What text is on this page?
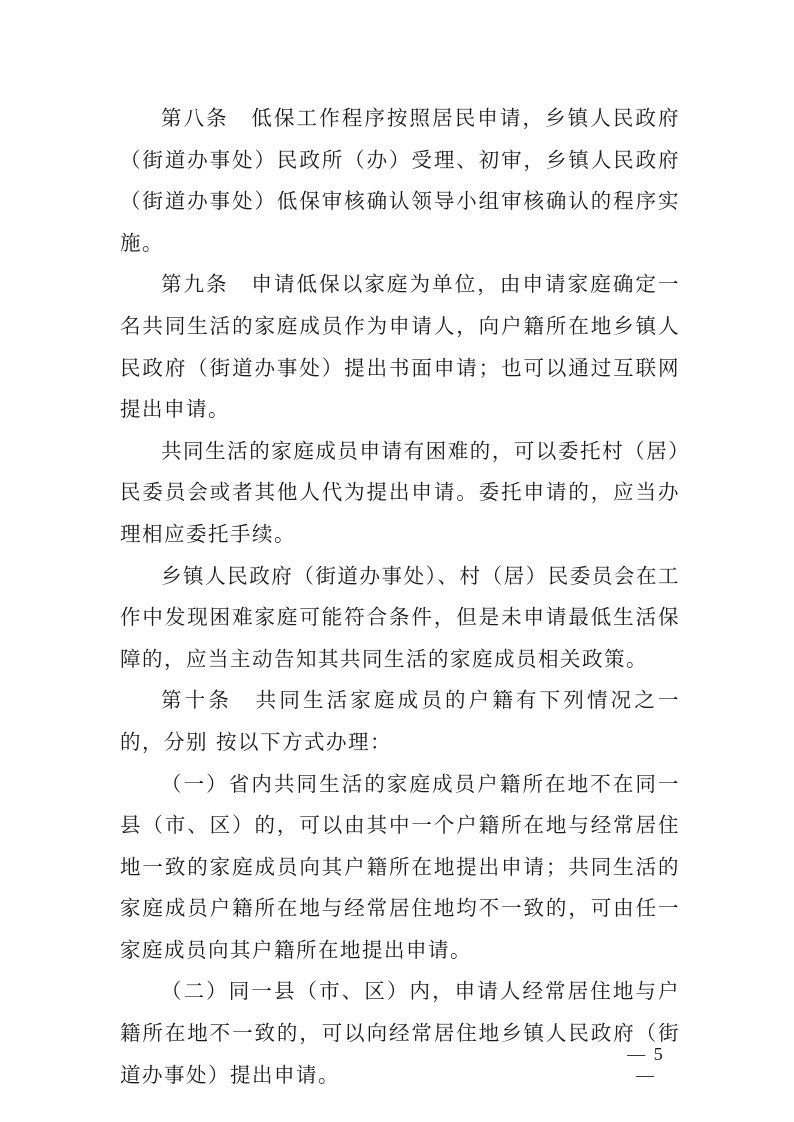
第八条　 低保工作程序按照居民申请，乡镇人民政府（街道办事处）民政所（办）受理、初审，乡镇人民政府（街道办事处）低保审核确认领导小组审核确认的程序实施。

第九条　 申请低保以家庭为单位，由申请家庭确定一名共同生活的家庭成员作为申请人，向户籍所在地乡镇人民政府（街道办事处）提出书面申请；也可以通过互联网提出申请。

共同生活的家庭成员申请有困难的，可以委托村（居）民委员会或者其他人代为提出申请。委托申请的，应当办理相应委托手续。

乡镇人民政府（街道办事处）、村（居）民委员会在工作中发现困难家庭可能符合条件，但是未申请最低生活保障的，应当主动告知其共同生活的家庭成员相关政策。

第十条　 共同生活家庭成员的户籍有下列情况之一的，分别 按以下方式办理：

（一）省内共同生活的家庭成员户籍所在地不在同一县（市、区）的，可以由其中一个户籍所在地与经常居住地一致的家庭成员向其户籍所在地提出申请；共同生活的家庭成员户籍所在地与经常居住地均不一致的，可由任一家庭成员向其户籍所在地提出申请。

（二）同一县（市、区）内，申请人经常居住地与户籍所在地不一致的，可以向经常居住地乡镇人民政府（街道办事处）提出申请。

— 5 —
